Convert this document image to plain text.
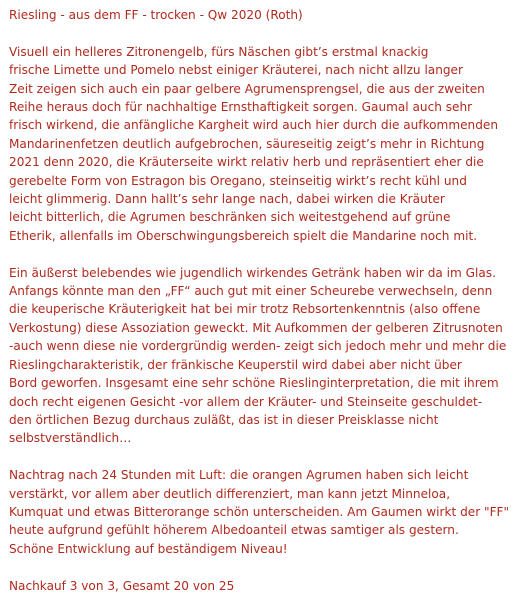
Riesling - aus dem FF - trocken - Qw 2020 (Roth)

Visuell ein helleres Zitronengelb, fürs Näschen gibt’s erstmal knackig
frische Limette und Pomelo nebst einiger Kräuterei, nach nicht allzu langer
Zeit zeigen sich auch ein paar gelbere Agrumensprengsel, die aus der zweiten
Reihe heraus doch für nachhaltige Ernsthaftigkeit sorgen. Gaumal auch sehr
frisch wirkend, die anfängliche Kargheit wird auch hier durch die aufkommenden
Mandarinenfetzen deutlich aufgebrochen, säureseitig zeigt’s mehr in Richtung
2021 denn 2020, die Kräuterseite wirkt relativ herb und repräsentiert eher die
gerebelte Form von Estragon bis Oregano, steinseitig wirkt’s recht kühl und
leicht glimmerig. Dann hallt’s sehr lange nach, dabei wirken die Kräuter
leicht bitterlich, die Agrumen beschränken sich weitestgehend auf grüne
Etherik, allenfalls im Oberschwingungsbereich spielt die Mandarine noch mit.

Ein äußerst belebendes wie jugendlich wirkendes Getränk haben wir da im Glas.
Anfangs könnte man den „FF“ auch gut mit einer Scheurebe verwechseln, denn
die keuperische Kräuterigkeit hat bei mir trotz Rebsortenkenntnis (also offene
Verkostung) diese Assoziation geweckt. Mit Aufkommen der gelberen Zitrusnoten
-auch wenn diese nie vordergründig werden- zeigt sich jedoch mehr und mehr die
Rieslingcharakteristik, der fränkische Keuperstil wird dabei aber nicht über
Bord geworfen. Insgesamt eine sehr schöne Rieslinginterpretation, die mit ihrem
doch recht eigenen Gesicht -vor allem der Kräuter- und Steinseite geschuldet-
den örtlichen Bezug durchaus zuläßt, das ist in dieser Preisklasse nicht
selbstverständlich…

Nachtrag nach 24 Stunden mit Luft: die orangen Agrumen haben sich leicht
verstärkt, vor allem aber deutlich differenziert, man kann jetzt Minneloa,
Kumquat und etwas Bitterorange schön unterscheiden. Am Gaumen wirkt der "FF"
heute aufgrund gefühlt höherem Albedoanteil etwas samtiger als gestern.
Schöne Entwicklung auf beständigem Niveau!

Nachkauf 3 von 3, Gesamt 20 von 25
